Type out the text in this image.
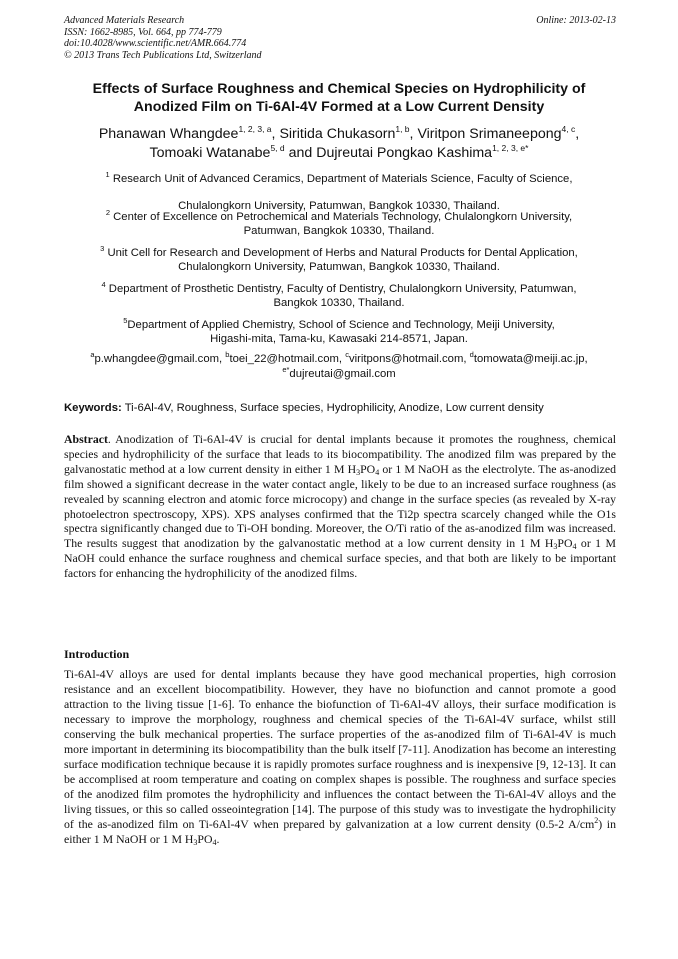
Advanced Materials Research
ISSN: 1662-8985, Vol. 664, pp 774-779
doi:10.4028/www.scientific.net/AMR.664.774
© 2013 Trans Tech Publications Ltd, Switzerland
Online: 2013-02-13
Effects of Surface Roughness and Chemical Species on Hydrophilicity of
Anodized Film on Ti-6Al-4V Formed at a Low Current Density
Phanawan Whangdee$^{1, 2, 3, a}$, Siritida Chukasorn$^{1, b}$, Viritpon Srimaneepong$^{4, c}$,
Tomoaki Watanabe$^{5, d}$ and Dujreutai Pongkao Kashima$^{1, 2, 3, e*}$
$^1$ Research Unit of Advanced Ceramics, Department of Materials Science, Faculty of Science,
Chulalongkorn University, Patumwan, Bangkok 10330, Thailand.
$^2$ Center of Excellence on Petrochemical and Materials Technology, Chulalongkorn University,
Patumwan, Bangkok 10330, Thailand.
$^3$ Unit Cell for Research and Development of Herbs and Natural Products for Dental Application,
Chulalongkorn University, Patumwan, Bangkok 10330, Thailand.
$^4$ Department of Prosthetic Dentistry, Faculty of Dentistry, Chulalongkorn University, Patumwan,
Bangkok 10330, Thailand.
$^5$Department of Applied Chemistry, School of Science and Technology, Meiji University,
Higashi-mita, Tama-ku, Kawasaki 214-8571, Japan.
$^a$p.whangdee@gmail.com, $^b$toei_22@hotmail.com, $^c$viritpons@hotmail.com, $^d$tomowata@meiji.ac.jp,
$^{e*}$dujreutai@gmail.com
Keywords: Ti-6Al-4V, Roughness, Surface species, Hydrophilicity, Anodize, Low current density
Abstract. Anodization of Ti-6Al-4V is crucial for dental implants because it promotes the roughness, chemical species and hydrophilicity of the surface that leads to its biocompatibility. The anodized film was prepared by the galvanostatic method at a low current density in either 1 M $H_3PO_4$ or 1 M NaOH as the electrolyte. The as-anodized film showed a significant decrease in the water contact angle, likely to be due to an increased surface roughness (as revealed by scanning electron and atomic force microcopy) and change in the surface species (as revealed by X-ray photoelectron spectroscopy, XPS). XPS analyses confirmed that the Ti2p spectra scarcely changed while the O1s spectra significantly changed due to Ti-OH bonding. Moreover, the O/Ti ratio of the as-anodized film was increased. The results suggest that anodization by the galvanostatic method at a low current density in 1 M $H_3PO_4$ or 1 M NaOH could enhance the surface roughness and chemical surface species, and that both are likely to be important factors for enhancing the hydrophilicity of the anodized films.
Introduction
Ti-6Al-4V alloys are used for dental implants because they have good mechanical properties, high corrosion resistance and an excellent biocompatibility. However, they have no biofunction and cannot promote a good attraction to the living tissue [1-6]. To enhance the biofunction of Ti-6Al-4V alloys, their surface modification is necessary to improve the morphology, roughness and chemical species of the Ti-6Al-4V surface, whilst still conserving the bulk mechanical properties. The surface properties of the as-anodized film of Ti-6Al-4V is much more important in determining its biocompatibility than the bulk itself [7-11]. Anodization has become an interesting surface modification technique because it is rapidly promotes surface roughness and is inexpensive [9, 12-13]. It can be accomplised at room temperature and coating on complex shapes is possible. The roughness and surface species of the anodized film promotes the hydrophilicity and influences the contact between the Ti-6Al-4V alloys and the living tissues, or this so called osseointegration [14]. The purpose of this study was to investigate the hydrophilicity of the as-anodized film on Ti-6Al-4V when prepared by galvanization at a low current density (0.5-2 $A/cm^2$) in either 1 M NaOH or 1 M $H_3PO_4$.
